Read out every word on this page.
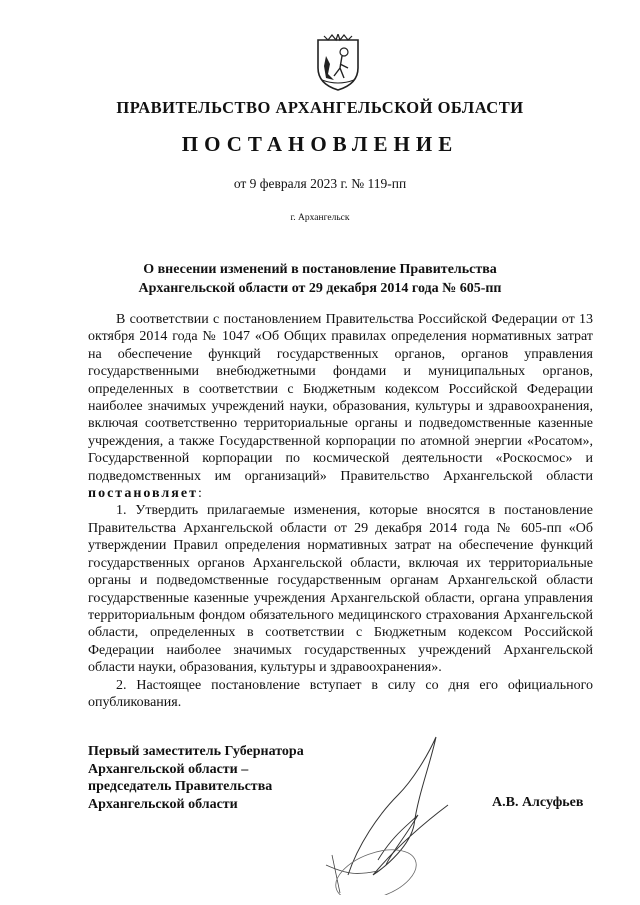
ПРАВИТЕЛЬСТВО АРХАНГЕЛЬСКОЙ ОБЛАСТИ
ПОСТАНОВЛЕНИЕ
от 9 февраля 2023 г. № 119-пп
г. Архангельск
О внесении изменений в постановление Правительства
Архангельской области от 29 декабря 2014 года № 605-пп

В соответствии с постановлением Правительства Российской Федерации от 13 октября 2014 года № 1047 «Об Общих правилах определения нормативных затрат на обеспечение функций государственных органов, органов управления государственными внебюджетными фондами и муниципальных органов, определенных в соответствии с Бюджетным кодексом Российской Федерации наиболее значимых учреждений науки, образования, культуры и здравоохранения, включая соответственно территориальные органы и подведомственные казенные учреждения, а также Государственной корпорации по атомной энергии «Росатом», Государственной корпорации по космической деятельности «Роскосмос» и подведомственных им организаций» Правительство Архангельской области постановляет:

1. Утвердить прилагаемые изменения, которые вносятся в постановление Правительства Архангельской области от 29 декабря 2014 года № 605-пп «Об утверждении Правил определения нормативных затрат на обеспечение функций государственных органов Архангельской области, включая их территориальные органы и подведомственные государственным органам Архангельской области государственные казенные учреждения Архангельской области, органа управления территориальным фондом обязательного медицинского страхования Архангельской области, определенных в соответствии с Бюджетным кодексом Российской Федерации наиболее значимых государственных учреждений Архангельской области науки, образования, культуры и здравоохранения».

2. Настоящее постановление вступает в силу со дня его официального опубликования.

Первый заместитель Губернатора
Архангельской области –
председатель Правительства
Архангельской области	А.В. Алсуфьев
